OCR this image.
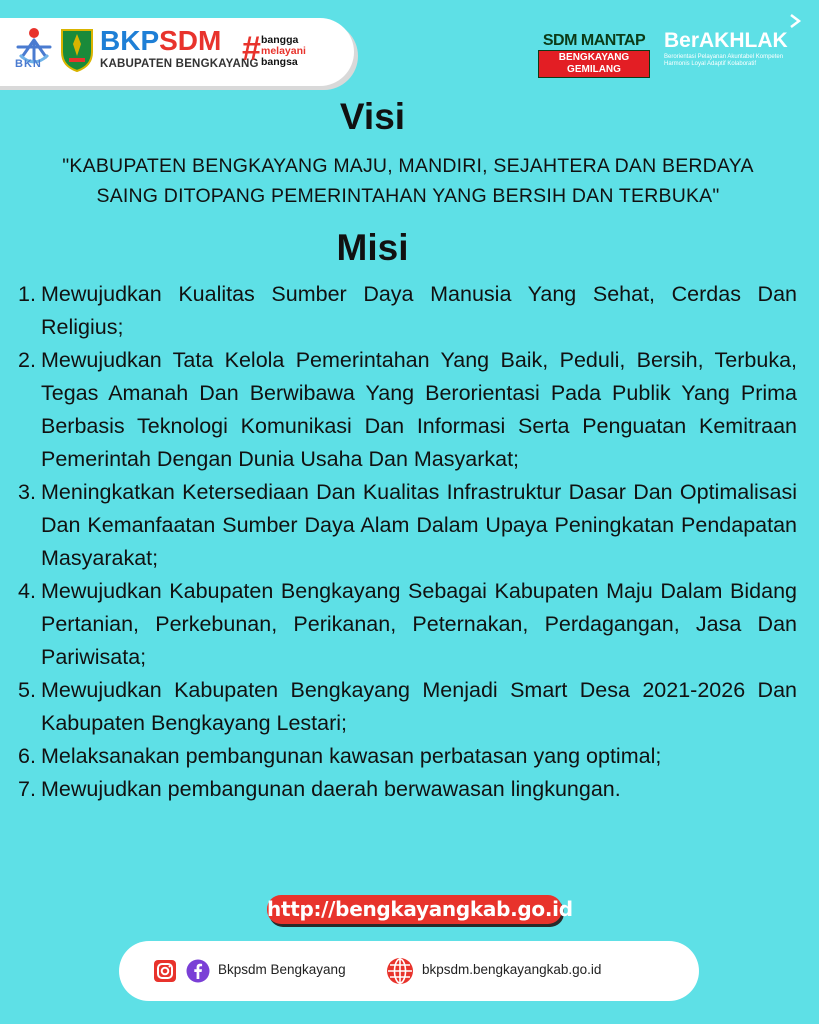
BKN
BKPSDM
KABUPATEN BENGKAYANG
# bangga
melayani
bangsa
SDM MANTAP
BENGKAYANG GEMILANG
BerAKHLAK
Berorientasi Pelayanan Akuntabel Kompeten
Harmonis Loyal Adaptif Kolaboratif
Visi
"KABUPATEN BENGKAYANG MAJU, MANDIRI, SEJAHTERA DAN BERDAYA
SAING DITOPANG PEMERINTAHAN YANG BERSIH DAN TERBUKA"
Misi
1. Mewujudkan Kualitas Sumber Daya Manusia Yang Sehat, Cerdas Dan Religius;
2. Mewujudkan Tata Kelola Pemerintahan Yang Baik, Peduli, Bersih, Terbuka, Tegas Amanah Dan Berwibawa Yang Berorientasi Pada Publik Yang Prima Berbasis Teknologi Komunikasi Dan Informasi Serta Penguatan Kemitraan Pemerintah Dengan Dunia Usaha Dan Masyarkat;
3. Meningkatkan Ketersediaan Dan Kualitas Infrastruktur Dasar Dan Optimalisasi Dan Kemanfaatan Sumber Daya Alam Dalam Upaya Peningkatan Pendapatan Masyarakat;
4. Mewujudkan Kabupaten Bengkayang Sebagai Kabupaten Maju Dalam Bidang Pertanian, Perkebunan, Perikanan, Peternakan, Perdagangan, Jasa Dan Pariwisata;
5. Mewujudkan Kabupaten Bengkayang Menjadi Smart Desa 2021-2026 Dan Kabupaten Bengkayang Lestari;
6. Melaksanakan pembangunan kawasan perbatasan yang optimal;
7. Mewujudkan pembangunan daerah berwawasan lingkungan.
http://bengkayangkab.go.id
Bkpsdm Bengkayang	bkpsdm.bengkayangkab.go.id
